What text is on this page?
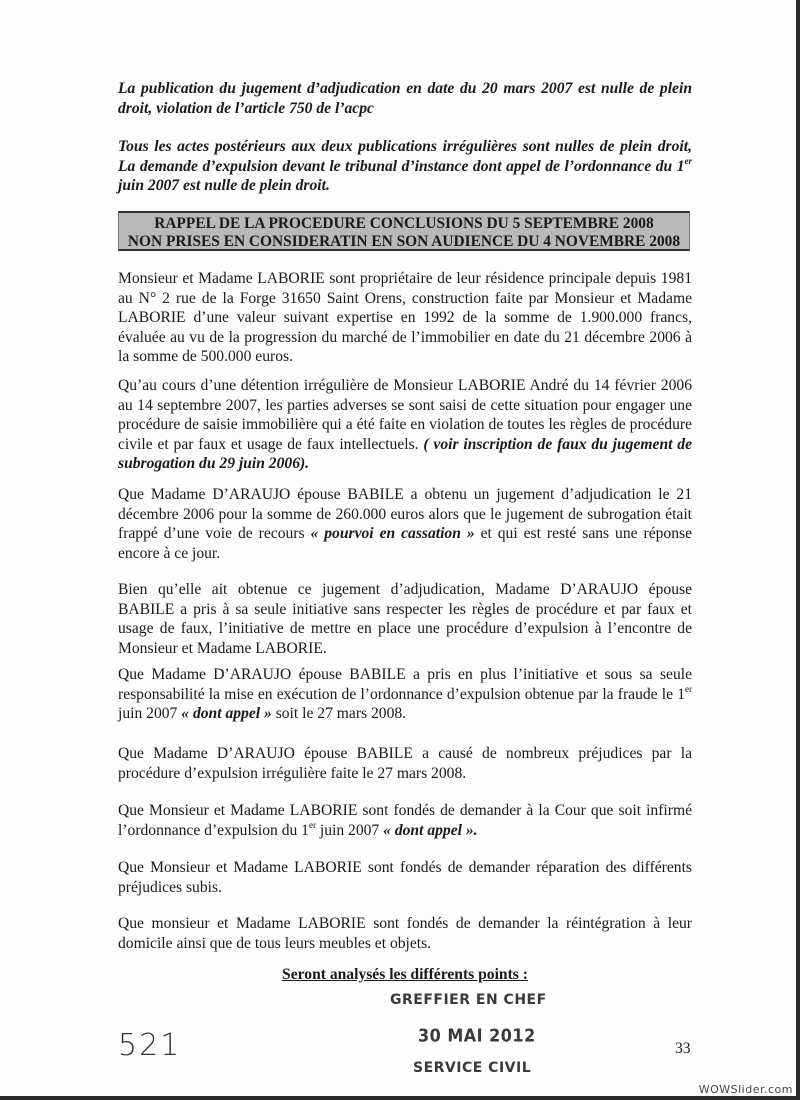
La publication du jugement d’adjudication en date du 20 mars 2007 est nulle de plein droit, violation de l’article 750 de l’acpc

Tous les actes postérieurs aux deux publications irrégulières sont nulles de plein droit, La demande d’expulsion devant le tribunal d’instance dont appel de l’ordonnance du 1er juin 2007 est nulle de plein droit.

RAPPEL DE LA PROCEDURE CONCLUSIONS DU 5 SEPTEMBRE 2008
NON PRISES EN CONSIDERATIN EN SON AUDIENCE DU 4 NOVEMBRE 2008

Monsieur et Madame LABORIE sont propriétaire de leur résidence principale depuis 1981 au N° 2 rue de la Forge 31650 Saint Orens, construction faite par Monsieur et Madame LABORIE d’une valeur suivant expertise en 1992 de la somme de 1.900.000 francs, évaluée au vu de la progression du marché de l’immobilier en date du 21 décembre 2006 à la somme de 500.000 euros.

Qu’au cours d’une détention irrégulière de Monsieur LABORIE André du 14 février 2006 au 14 septembre 2007, les parties adverses se sont saisi de cette situation pour engager une procédure de saisie immobilière qui a été faite en violation de toutes les règles de procédure civile et par faux et usage de faux intellectuels. ( voir inscription de faux du jugement de subrogation du 29 juin 2006).

Que Madame D’ARAUJO épouse BABILE a obtenu un jugement d’adjudication le 21 décembre 2006 pour la somme de 260.000 euros alors que le jugement de subrogation était frappé d’une voie de recours « pourvoi en cassation » et qui est resté sans une réponse encore à ce jour.

Bien qu’elle ait obtenue ce jugement d’adjudication, Madame D’ARAUJO épouse BABILE a pris à sa seule initiative sans respecter les règles de procédure et par faux et usage de faux, l’initiative de mettre en place une procédure d’expulsion à l’encontre de Monsieur et Madame LABORIE.

Que Madame D’ARAUJO épouse BABILE a pris en plus l’initiative et sous sa seule responsabilité la mise en exécution de l’ordonnance d’expulsion obtenue par la fraude le 1er juin 2007 « dont appel » soit le 27 mars 2008.

Que Madame D’ARAUJO épouse BABILE a causé de nombreux préjudices par la procédure d’expulsion irrégulière faite le 27 mars 2008.

Que Monsieur et Madame LABORIE sont fondés de demander à la Cour que soit infirmé l’ordonnance d’expulsion du 1er juin 2007 « dont appel ».

Que Monsieur et Madame LABORIE sont fondés de demander réparation des différents préjudices subis.

Que monsieur et Madame LABORIE sont fondés de demander la réintégration à leur domicile ainsi que de tous leurs meubles et objets.

Seront analysés les différents points :
GREFFIER EN CHEF
30 MAI 2012
SERVICE CIVIL
521	33
WOWSlider.com
